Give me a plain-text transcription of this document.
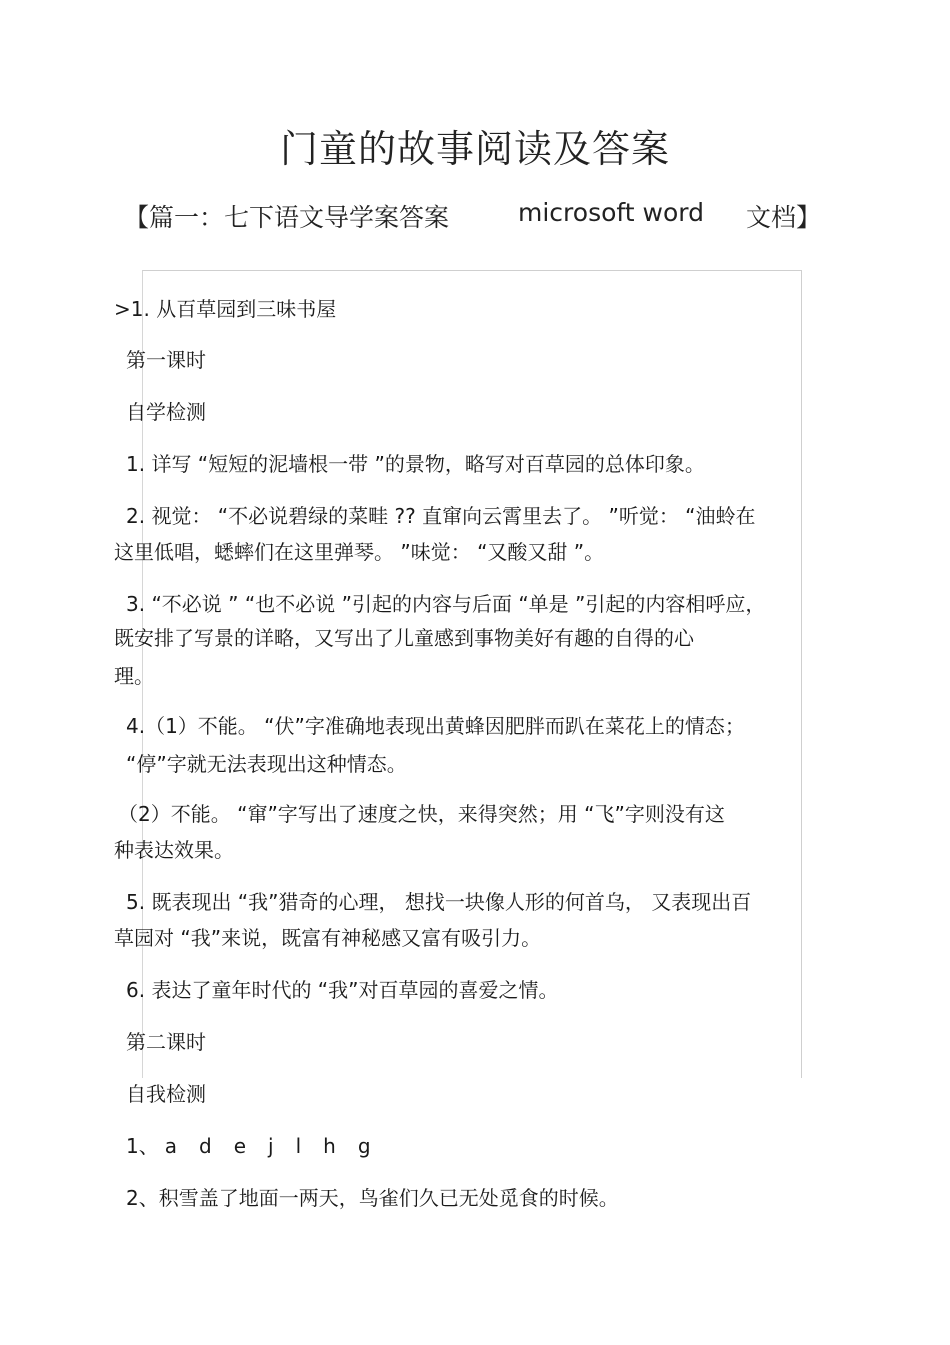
门童的故事阅读及答案
【篇一：七下语文导学案答案	microsoft word 文档】
>1. 从百草园到三味书屋
第一课时
自学检测
1. 详写 “短短的泥墙根一带 ”的景物，略写对百草园的总体印象。
2. 视觉： “不必说碧绿的菜畦 ?? 直窜向云霄里去了。 ”听觉： “油蛉在
这里低唱，蟋蟀们在这里弹琴。 ”味觉： “又酸又甜 ”。
3. “不必说 ” “也不必说 ”引起的内容与后面 “单是 ”引起的内容相呼应，
既安排了写景的详略，又写出了儿童感到事物美好有趣的自得的心
理。
4.（1）不能。 “伏”字准确地表现出黄蜂因肥胖而趴在菜花上的情态；
“停”字就无法表现出这种情态。
（2）不能。 “窜”字写出了速度之快，来得突然；用 “飞”字则没有这
种表达效果。
5. 既表现出 “我”猎奇的心理， 想找一块像人形的何首乌， 又表现出百
草园对 “我”来说，既富有神秘感又富有吸引力。
6. 表达了童年时代的 “我”对百草园的喜爱之情。
第二课时
自我检测
1、 a d e j l h g
2、积雪盖了地面一两天，鸟雀们久已无处觅食的时候。
